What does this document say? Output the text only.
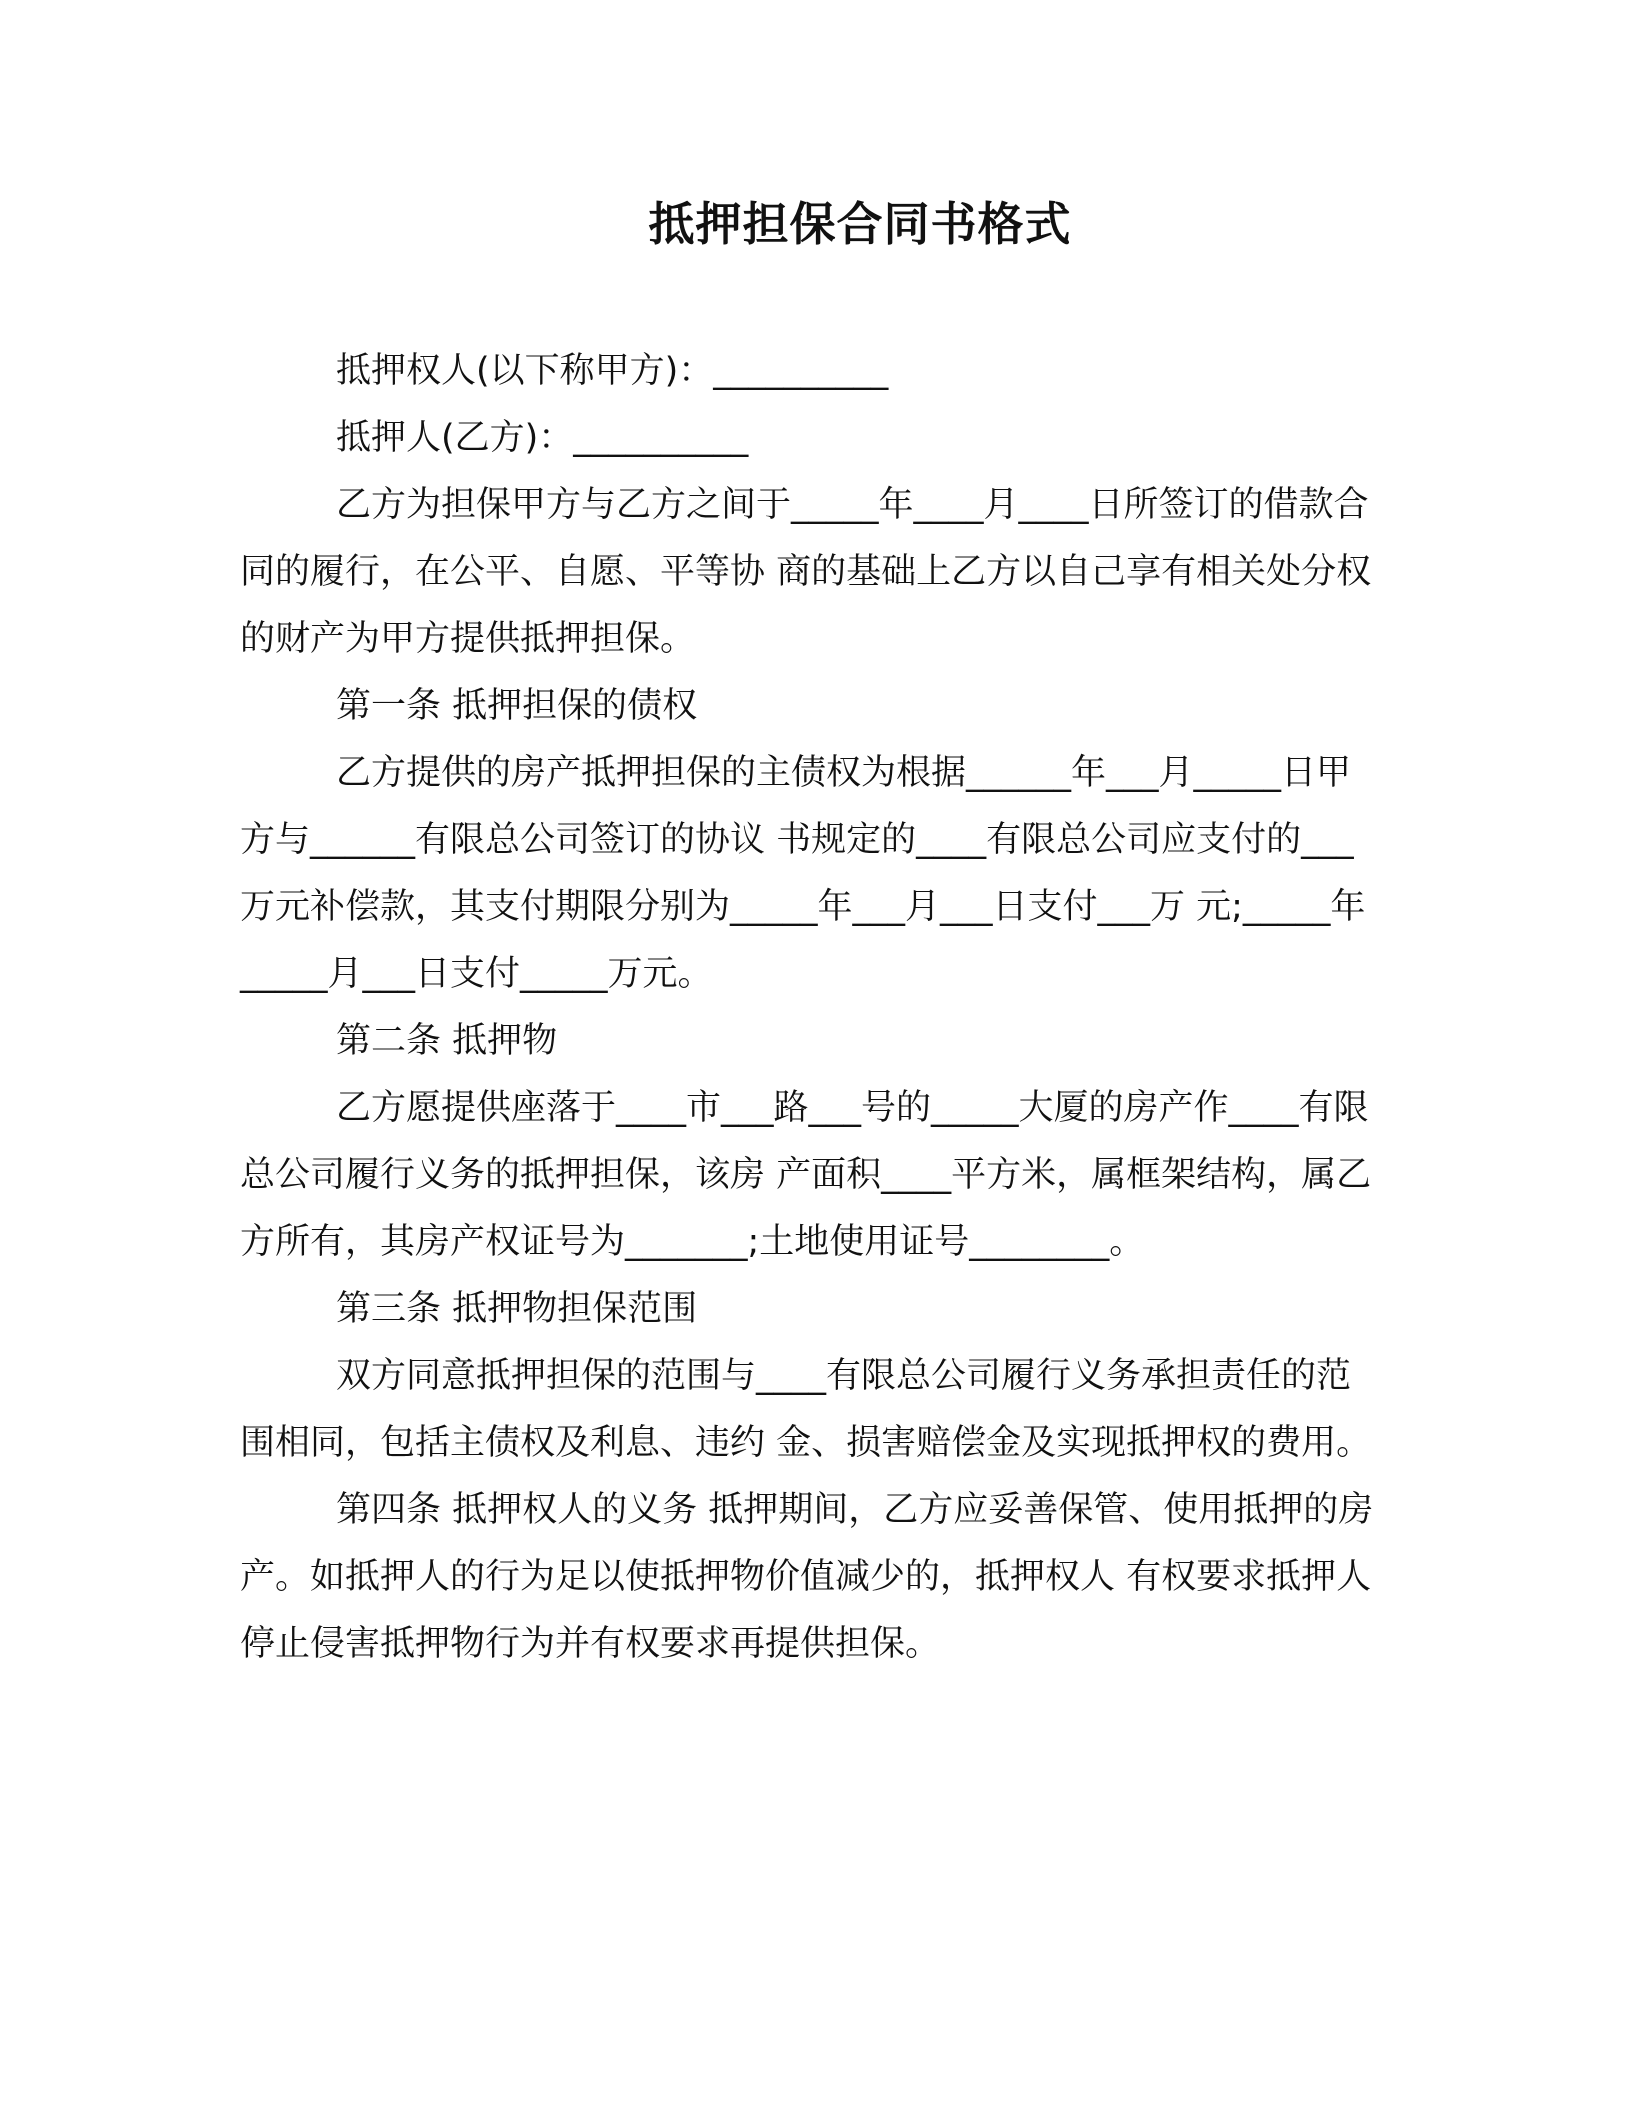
抵押担保合同书格式

抵押权人(以下称甲方)：__________

抵押人(乙方)：__________

乙方为担保甲方与乙方之间于_____年____月____日所签订的借款合同的履行，在公平、自愿、平等协 商的基础上乙方以自己享有相关处分权的财产为甲方提供抵押担保。

第一条 抵押担保的债权

乙方提供的房产抵押担保的主债权为根据______年___月_____日甲方与______有限总公司签订的协议 书规定的____有限总公司应支付的___万元补偿款，其支付期限分别为_____年___月___日支付___万 元;_____年_____月___日支付_____万元。

第二条 抵押物

乙方愿提供座落于____市___路___号的_____大厦的房产作____有限总公司履行义务的抵押担保，该房 产面积____平方米，属框架结构，属乙方所有，其房产权证号为_______;土地使用证号________。

第三条 抵押物担保范围

双方同意抵押担保的范围与____有限总公司履行义务承担责任的范围相同，包括主债权及利息、违约 金、损害赔偿金及实现抵押权的费用。

第四条 抵押权人的义务 抵押期间，乙方应妥善保管、使用抵押的房产。如抵押人的行为足以使抵押物价值减少的，抵押权人 有权要求抵押人停止侵害抵押物行为并有权要求再提供担保。
